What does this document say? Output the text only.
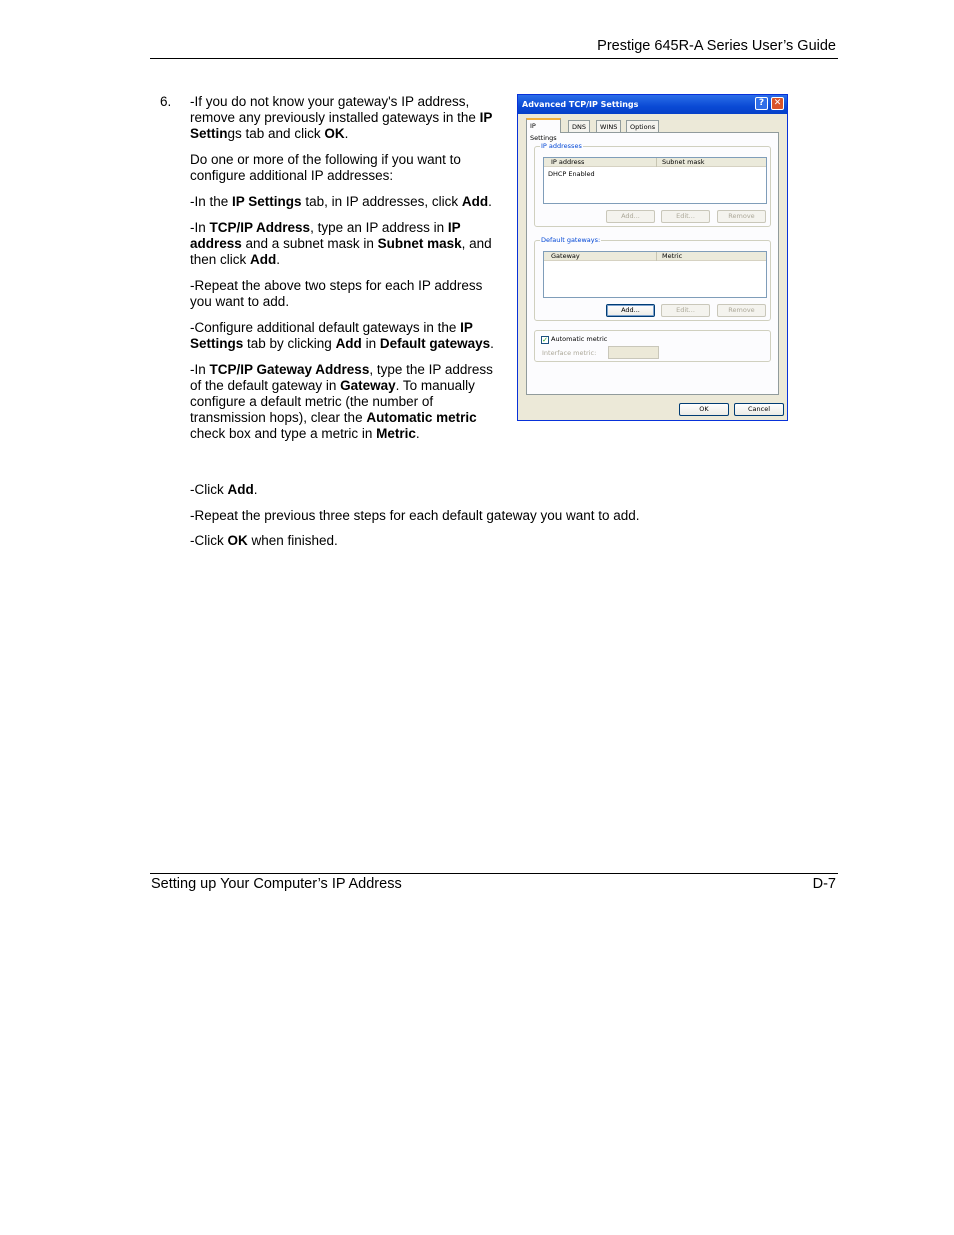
Prestige 645R-A Series User’s Guide
6. -If you do not know your gateway's IP address, remove any previously installed gateways in the IP Settings tab and click OK.

Do one or more of the following if you want to configure additional IP addresses:

-In the IP Settings tab, in IP addresses, click Add.

-In TCP/IP Address, type an IP address in IP address and a subnet mask in Subnet mask, and then click Add.

-Repeat the above two steps for each IP address you want to add.

-Configure additional default gateways in the IP Settings tab by clicking Add in Default gateways.

-In TCP/IP Gateway Address, type the IP address of the default gateway in Gateway. To manually configure a default metric (the number of transmission hops), clear the Automatic metric check box and type a metric in Metric.

-Click Add.

-Repeat the previous three steps for each default gateway you want to add.

-Click OK when finished.

Advanced TCP/IP Settings	?	✕
IP Settings
DNS	WINS	Options
IP addresses
IP address	Subnet mask
DHCP Enabled
Add...	Edit...	Remove
Default gateways:
Gateway	Metric
Add...	Edit...	Remove
✓ Automatic metric
Interface metric:
OK	Cancel
Setting up Your Computer’s IP Address	D-7
